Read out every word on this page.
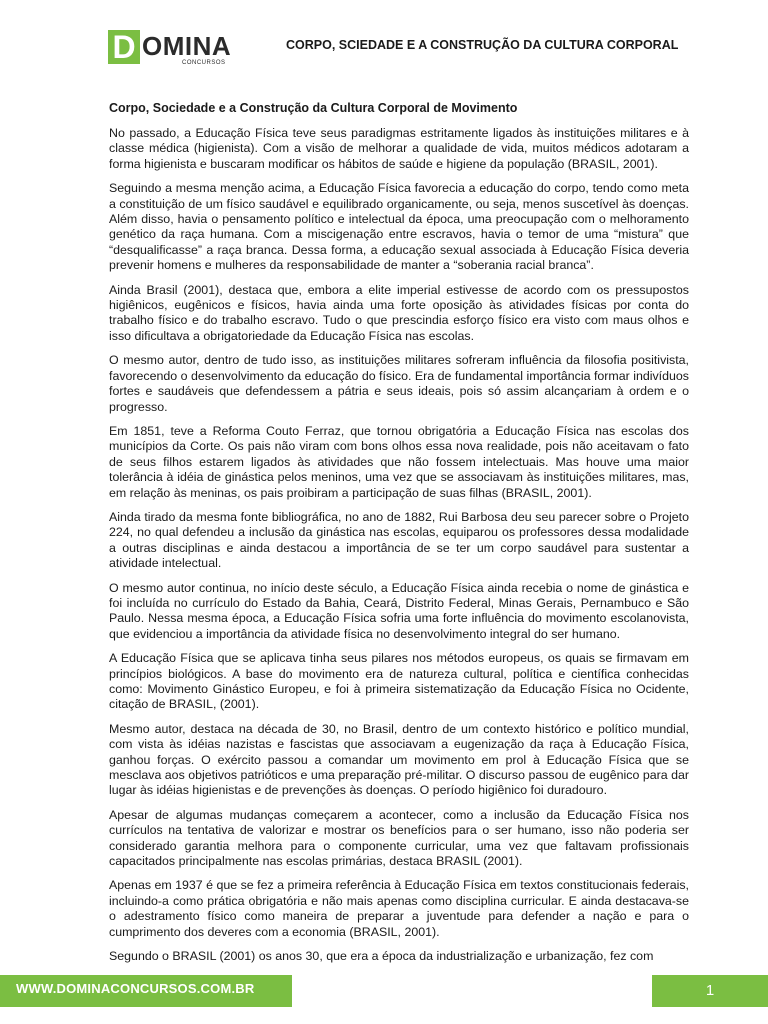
D OMINA
CONCURSOS
CORPO, SCIEDADE E A CONSTRUÇÃO DA CULTURA CORPORAL

Corpo, Sociedade e a Construção da Cultura Corporal de Movimento

No passado, a Educação Física teve seus paradigmas estritamente ligados às instituições militares e à classe médica (higienista). Com a visão de melhorar a qualidade de vida, muitos médicos adotaram a forma higienista e buscaram modificar os hábitos de saúde e higiene da população (BRASIL, 2001).

Seguindo a mesma menção acima, a Educação Física favorecia a educação do corpo, tendo como meta a constituição de um físico saudável e equilibrado organicamente, ou seja, menos suscetível às doenças. Além disso, havia o pensamento político e intelectual da época, uma preocupação com o melhoramento genético da raça humana. Com a miscigenação entre escravos, havia o temor de uma “mistura” que “desqualificasse” a raça branca. Dessa forma, a educação sexual associada à Educação Física deveria prevenir homens e mulheres da responsabilidade de manter a “soberania racial branca”.

Ainda Brasil (2001), destaca que, embora a elite imperial estivesse de acordo com os pressupostos higiênicos, eugênicos e físicos, havia ainda uma forte oposição às atividades físicas por conta do trabalho físico e do trabalho escravo. Tudo o que prescindia esforço físico era visto com maus olhos e isso dificultava a obrigatoriedade da Educação Física nas escolas.

O mesmo autor, dentro de tudo isso, as instituições militares sofreram influência da filosofia positivista, favorecendo o desenvolvimento da educação do físico. Era de fundamental importância formar indivíduos fortes e saudáveis que defendessem a pátria e seus ideais, pois só assim alcançariam à ordem e o progresso.

Em 1851, teve a Reforma Couto Ferraz, que tornou obrigatória a Educação Física nas escolas dos municípios da Corte. Os pais não viram com bons olhos essa nova realidade, pois não aceitavam o fato de seus filhos estarem ligados às atividades que não fossem intelectuais. Mas houve uma maior tolerância à idéia de ginástica pelos meninos, uma vez que se associavam às instituições militares, mas, em relação às meninas, os pais proibiram a participação de suas filhas (BRASIL, 2001).

Ainda tirado da mesma fonte bibliográfica, no ano de 1882, Rui Barbosa deu seu parecer sobre o Projeto 224, no qual defendeu a inclusão da ginástica nas escolas, equiparou os professores dessa modalidade a outras disciplinas e ainda destacou a importância de se ter um corpo saudável para sustentar a atividade intelectual.

O mesmo autor continua, no início deste século, a Educação Física ainda recebia o nome de ginástica e foi incluída no currículo do Estado da Bahia, Ceará, Distrito Federal, Minas Gerais, Pernambuco e São Paulo. Nessa mesma época, a Educação Física sofria uma forte influência do movimento escolanovista, que evidenciou a importância da atividade física no desenvolvimento integral do ser humano.

A Educação Física que se aplicava tinha seus pilares nos métodos europeus, os quais se firmavam em princípios biológicos. A base do movimento era de natureza cultural, política e científica conhecidas como: Movimento Ginástico Europeu, e foi à primeira sistematização da Educação Física no Ocidente, citação de BRASIL, (2001).

Mesmo autor, destaca na década de 30, no Brasil, dentro de um contexto histórico e político mundial, com vista às idéias nazistas e fascistas que associavam a eugenização da raça à Educação Física, ganhou forças. O exército passou a comandar um movimento em prol à Educação Física que se mesclava aos objetivos patrióticos e uma preparação pré-militar. O discurso passou de eugênico para dar lugar às idéias higienistas e de prevenções às doenças. O período higiênico foi duradouro.

Apesar de algumas mudanças começarem a acontecer, como a inclusão da Educação Física nos currículos na tentativa de valorizar e mostrar os benefícios para o ser humano, isso não poderia ser considerado garantia melhora para o componente curricular, uma vez que faltavam profissionais capacitados principalmente nas escolas primárias, destaca BRASIL (2001).

Apenas em 1937 é que se fez a primeira referência à Educação Física em textos constitucionais federais, incluindo-a como prática obrigatória e não mais apenas como disciplina curricular. E ainda destacava-se o adestramento físico como maneira de preparar a juventude para defender a nação e para o cumprimento dos deveres com a economia (BRASIL, 2001).

Segundo o BRASIL (2001) os anos 30, que era a época da industrialização e urbanização, fez com

WWW.DOMINACONCURSOS.COM.BR	1
